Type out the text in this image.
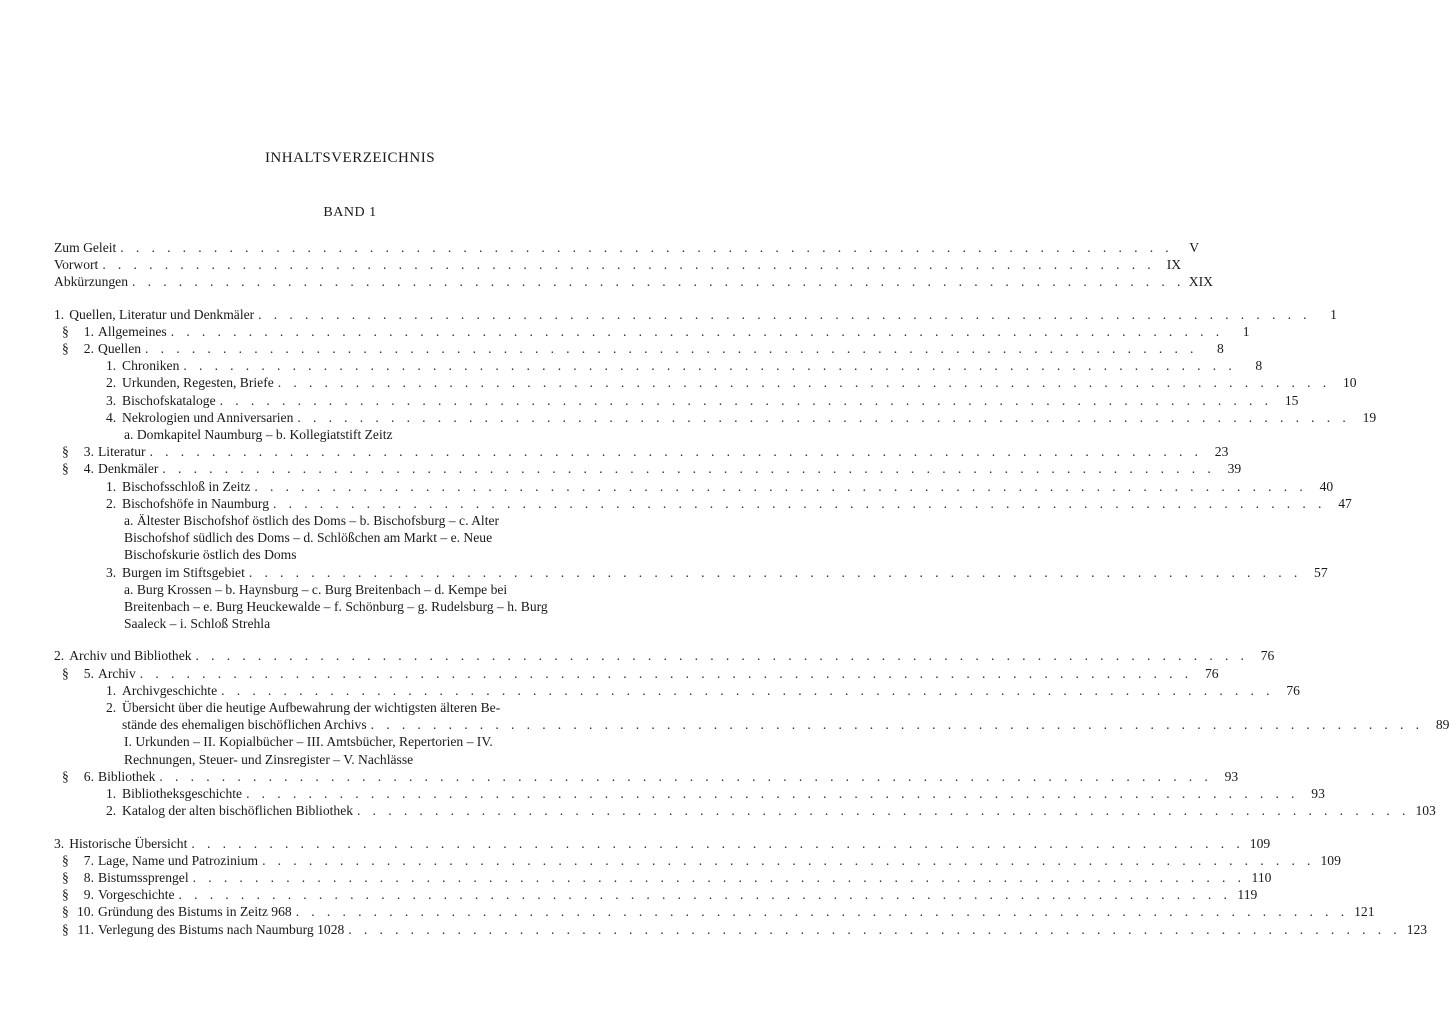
INHALTSVERZEICHNIS
BAND 1
Zum Geleit . . . . . . . . . . . . . . . . . . . . . . . . . . . . . . . . . . . . . . . . . . . . . . . . . . . . . . . . . . . . . . . . . . . .	V
Vorwort . . . . . . . . . . . . . . . . . . . . . . . . . . . . . . . . . . . . . . . . . . . . . . . . . . . . . . . . . . . . . . . . . . . . IX
Abkürzungen . . . . . . . . . . . . . . . . . . . . . . . . . . . . . . . . . . . . . . . . . . . . . . . . . . . . . . . . . . . . . . . . . . . . XIX
1. Quellen, Literatur und Denkmäler . . . . . . . . . . . . . . . . . . . . . . . . . . . . . . . . . . . . . . . . . . . . . . . . . . . . . . . . . . . . . . . . . . . .	1
§	1. Allgemeines . . . . . . . . . . . . . . . . . . . . . . . . . . . . . . . . . . . . . . . . . . . . . . . . . . . . . . . . . . . . . . . . . . . .	1
§	2. Quellen . . . . . . . . . . . . . . . . . . . . . . . . . . . . . . . . . . . . . . . . . . . . . . . . . . . . . . . . . . . . . . . . . . . .	8
1. Chroniken . . . . . . . . . . . . . . . . . . . . . . . . . . . . . . . . . . . . . . . . . . . . . . . . . . . . . . . . . . . . . . . . . . . .	8
2. Urkunden, Regesten, Briefe . . . . . . . . . . . . . . . . . . . . . . . . . . . . . . . . . . . . . . . . . . . . . . . . . . . . . . . . . . . . . . . . . . . . 10
3. Bischofskataloge . . . . . . . . . . . . . . . . . . . . . . . . . . . . . . . . . . . . . . . . . . . . . . . . . . . . . . . . . . . . . . . . . . . . 15
4. Nekrologien und Anniversarien . . . . . . . . . . . . . . . . . . . . . . . . . . . . . . . . . . . . . . . . . . . . . . . . . . . . . . . . . . . . . . . . . . . . 19
a. Domkapitel Naumburg – b. Kollegiatstift Zeitz
§	3. Literatur . . . . . . . . . . . . . . . . . . . . . . . . . . . . . . . . . . . . . . . . . . . . . . . . . . . . . . . . . . . . . . . . . . . . 23
§	4. Denkmäler . . . . . . . . . . . . . . . . . . . . . . . . . . . . . . . . . . . . . . . . . . . . . . . . . . . . . . . . . . . . . . . . . . . . 39
1. Bischofsschloß in Zeitz . . . . . . . . . . . . . . . . . . . . . . . . . . . . . . . . . . . . . . . . . . . . . . . . . . . . . . . . . . . . . . . . . . . . 40
2. Bischofshöfe in Naumburg . . . . . . . . . . . . . . . . . . . . . . . . . . . . . . . . . . . . . . . . . . . . . . . . . . . . . . . . . . . . . . . . . . . . 47
a. Ältester Bischofshof östlich des Doms – b. Bischofsburg – c. Alter Bischofshof südlich des Doms – d. Schlößchen am Markt – e. Neue Bischofskurie östlich des Doms
3. Burgen im Stiftsgebiet . . . . . . . . . . . . . . . . . . . . . . . . . . . . . . . . . . . . . . . . . . . . . . . . . . . . . . . . . . . . . . . . . . . . 57
a. Burg Krossen – b. Haynsburg – c. Burg Breitenbach – d. Kempe bei Breitenbach – e. Burg Heuckewalde – f. Schönburg – g. Rudelsburg – h. Burg Saaleck – i. Schloß Strehla
2. Archiv und Bibliothek . . . . . . . . . . . . . . . . . . . . . . . . . . . . . . . . . . . . . . . . . . . . . . . . . . . . . . . . . . . . . . . . . . . . 76
§	5. Archiv . . . . . . . . . . . . . . . . . . . . . . . . . . . . . . . . . . . . . . . . . . . . . . . . . . . . . . . . . . . . . . . . . . . . 76
1. Archivgeschichte . . . . . . . . . . . . . . . . . . . . . . . . . . . . . . . . . . . . . . . . . . . . . . . . . . . . . . . . . . . . . . . . . . . . 76
2. Übersicht über die heutige Aufbewahrung der wichtigsten älteren Be-
stände des ehemaligen bischöflichen Archivs . . . . . . . . . . . . . . . . . . . . . . . . . . . . . . . . . . . . . . . . . . . . . . . . . . . . . . . . . . . . . . . . . . . . 89
I. Urkunden – II. Kopialbücher – III. Amtsbücher, Repertorien – IV. Rechnungen, Steuer- und Zinsregister – V. Nachlässe
§	6. Bibliothek . . . . . . . . . . . . . . . . . . . . . . . . . . . . . . . . . . . . . . . . . . . . . . . . . . . . . . . . . . . . . . . . . . . . 93
1. Bibliotheksgeschichte . . . . . . . . . . . . . . . . . . . . . . . . . . . . . . . . . . . . . . . . . . . . . . . . . . . . . . . . . . . . . . . . . . . . 93
2. Katalog der alten bischöflichen Bibliothek . . . . . . . . . . . . . . . . . . . . . . . . . . . . . . . . . . . . . . . . . . . . . . . . . . . . . . . . . . . . . . . . . . . . 103
3. Historische Übersicht . . . . . . . . . . . . . . . . . . . . . . . . . . . . . . . . . . . . . . . . . . . . . . . . . . . . . . . . . . . . . . . . . . . . 109
§	7. Lage, Name und Patrozinium . . . . . . . . . . . . . . . . . . . . . . . . . . . . . . . . . . . . . . . . . . . . . . . . . . . . . . . . . . . . . . . . . . . . 109
§	8. Bistumssprengel . . . . . . . . . . . . . . . . . . . . . . . . . . . . . . . . . . . . . . . . . . . . . . . . . . . . . . . . . . . . . . . . . . . . 110
§	9. Vorgeschichte . . . . . . . . . . . . . . . . . . . . . . . . . . . . . . . . . . . . . . . . . . . . . . . . . . . . . . . . . . . . . . . . . . . . 119
§ 10. Gründung des Bistums in Zeitz 968 . . . . . . . . . . . . . . . . . . . . . . . . . . . . . . . . . . . . . . . . . . . . . . . . . . . . . . . . . . . . . . . . . . . . 121
§ 11. Verlegung des Bistums nach Naumburg 1028 . . . . . . . . . . . . . . . . . . . . . . . . . . . . . . . . . . . . . . . . . . . . . . . . . . . . . . . . . . . . . . . . . . . . 123
